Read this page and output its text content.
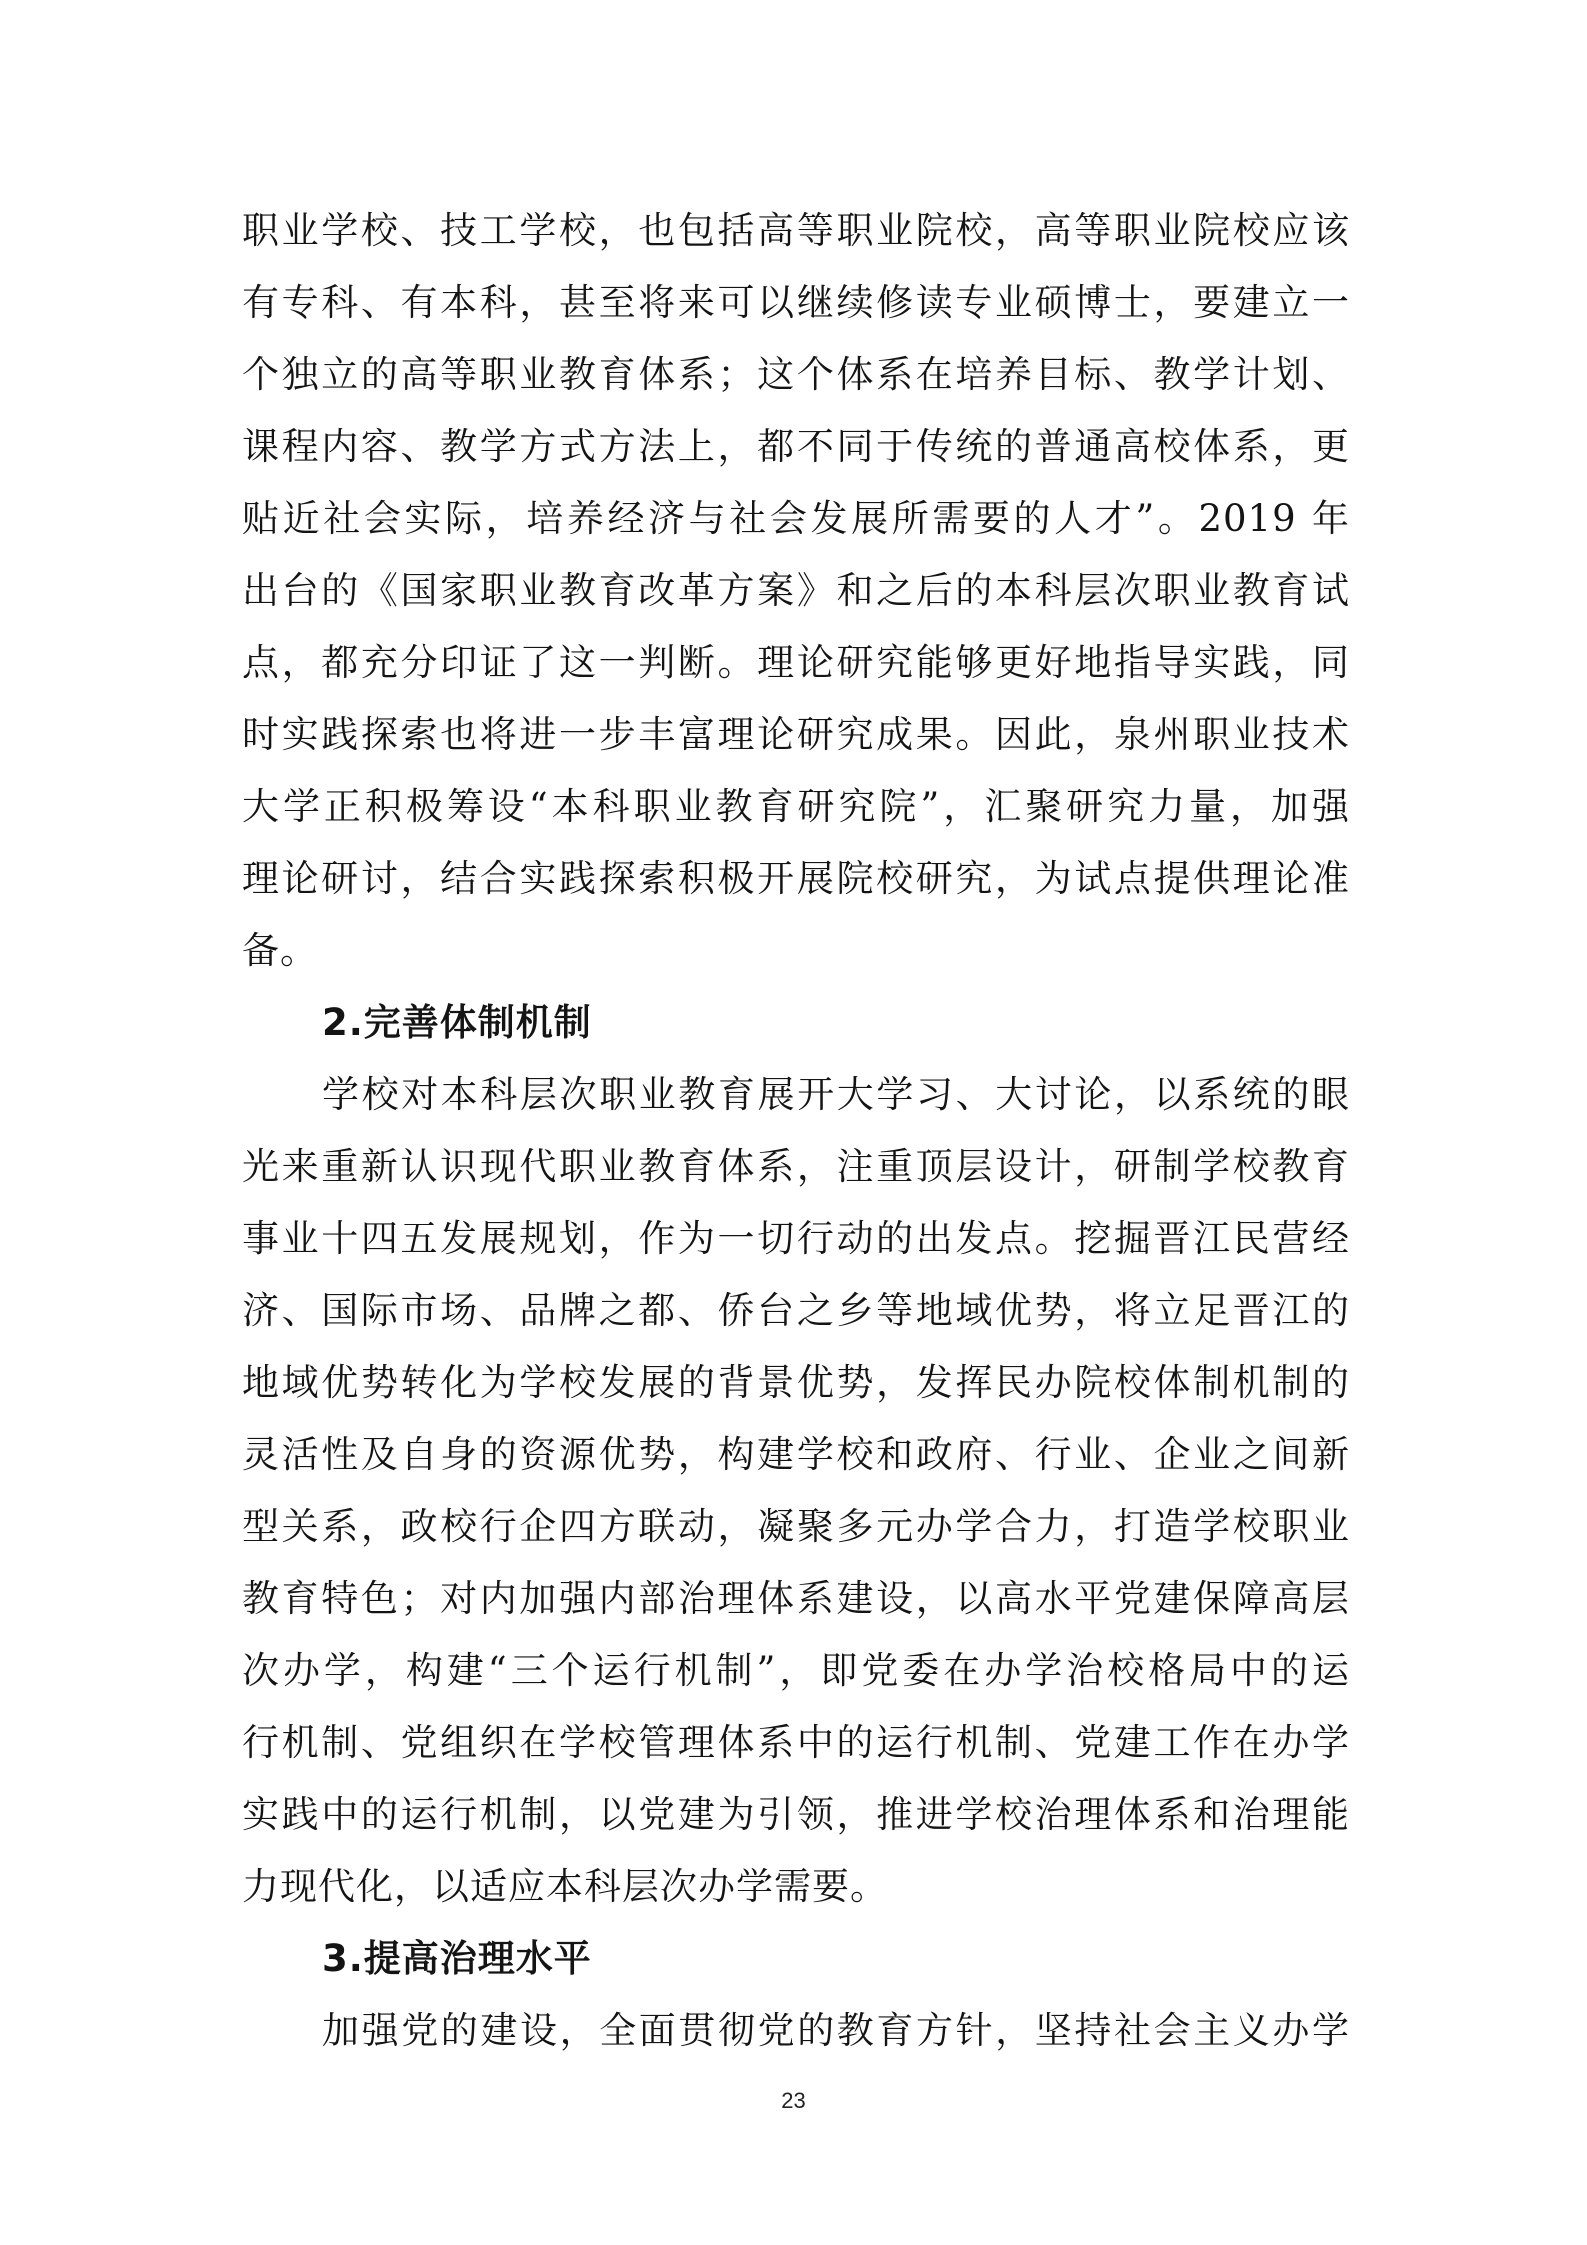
职业学校、技工学校，也包括高等职业院校，高等职业院校应该
有专科、有本科，甚至将来可以继续修读专业硕博士，要建立一
个独立的高等职业教育体系；这个体系在培养目标、教学计划、
课程内容、教学方式方法上，都不同于传统的普通高校体系，更
贴近社会实际，培养经济与社会发展所需要的人才”。2019 年
出台的《国家职业教育改革方案》和之后的本科层次职业教育试
点，都充分印证了这一判断。理论研究能够更好地指导实践，同
时实践探索也将进一步丰富理论研究成果。因此，泉州职业技术
大学正积极筹设“本科职业教育研究院”，汇聚研究力量，加强
理论研讨，结合实践探索积极开展院校研究，为试点提供理论准
备。
2.完善体制机制
学校对本科层次职业教育展开大学习、大讨论，以系统的眼
光来重新认识现代职业教育体系，注重顶层设计，研制学校教育
事业十四五发展规划，作为一切行动的出发点。挖掘晋江民营经
济、国际市场、品牌之都、侨台之乡等地域优势，将立足晋江的
地域优势转化为学校发展的背景优势，发挥民办院校体制机制的
灵活性及自身的资源优势，构建学校和政府、行业、企业之间新
型关系，政校行企四方联动，凝聚多元办学合力，打造学校职业
教育特色；对内加强内部治理体系建设，以高水平党建保障高层
次办学，构建“三个运行机制”，即党委在办学治校格局中的运
行机制、党组织在学校管理体系中的运行机制、党建工作在办学
实践中的运行机制，以党建为引领，推进学校治理体系和治理能
力现代化，以适应本科层次办学需要。
3.提高治理水平
加强党的建设，全面贯彻党的教育方针，坚持社会主义办学
23
